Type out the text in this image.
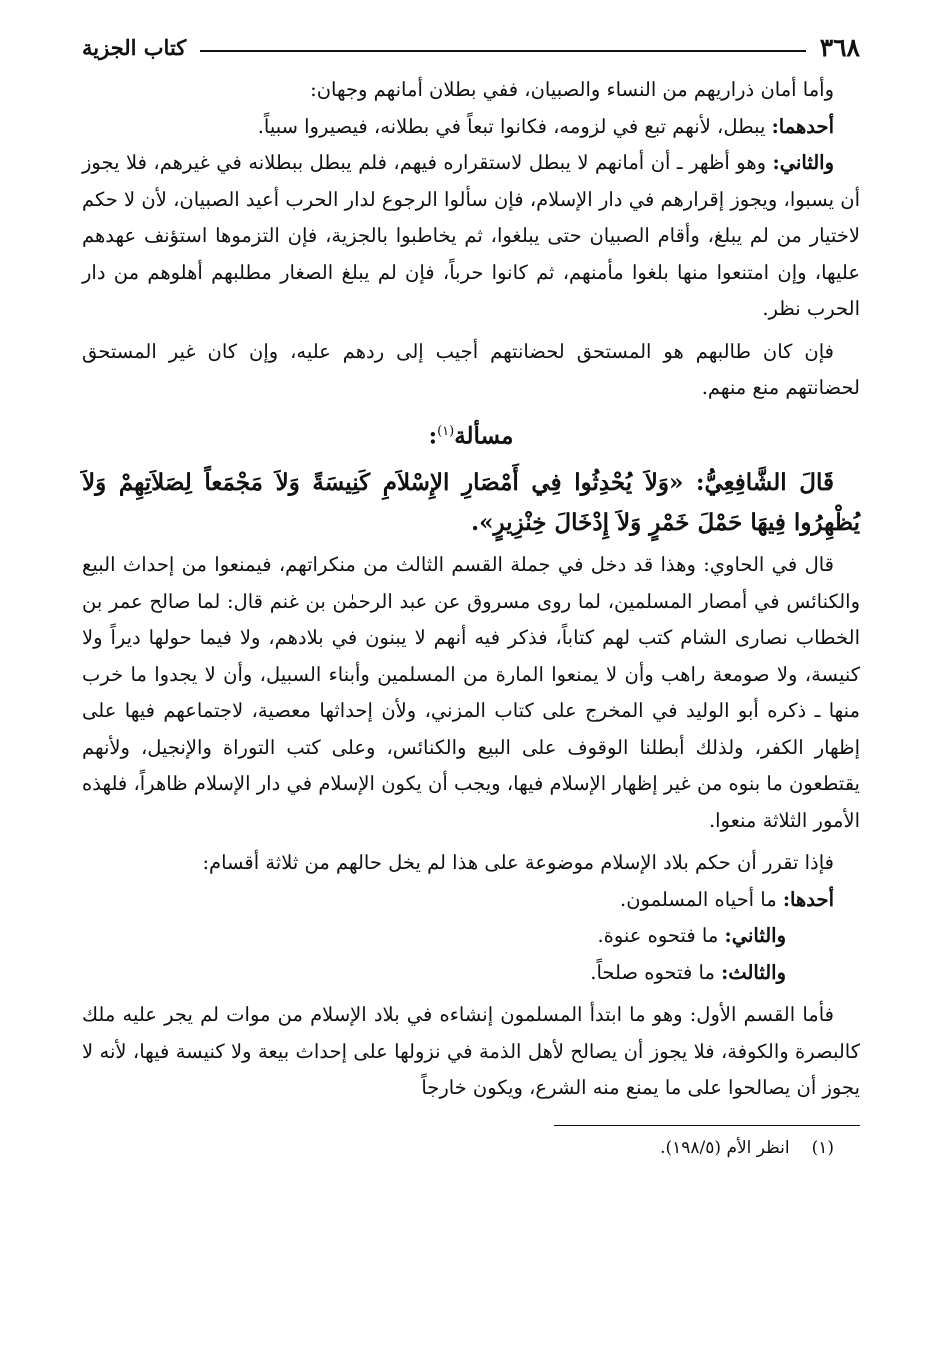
٣٦٨
كتاب الجزية

وأما أمان ذراريهم من النساء والصبيان، ففي بطلان أمانهم وجهان:

أحدهما: يبطل، لأنهم تبع في لزومه، فكانوا تبعاً في بطلانه، فيصيروا سبياً.

والثاني: وهو أظهر ـ أن أمانهم لا يبطل لاستقراره فيهم، فلم يبطل ببطلانه في غيرهم، فلا يجوز أن يسبوا، ويجوز إقرارهم في دار الإسلام، فإن سألوا الرجوع لدار الحرب أعيد الصبيان، لأن لا حكم لاختيار من لم يبلغ، وأقام الصبيان حتى يبلغوا، ثم يخاطبوا بالجزية، فإن التزموها استؤنف عهدهم عليها، وإن امتنعوا منها بلغوا مأمنهم، ثم كانوا حرباً، فإن لم يبلغ الصغار مطلبهم أهلوهم من دار الحرب نظر.

فإن كان طالبهم هو المستحق لحضانتهم أجيب إلى ردهم عليه، وإن كان غير المستحق لحضانتهم منع منهم.

مسألة$^{(١)}$:

قَالَ الشَّافِعِيُّ: «وَلاَ يُحْدِثُوا فِي أَمْصَارِ الإِسْلاَمِ كَنِيسَةً وَلاَ مَجْمَعاً لِصَلاَتِهِمْ وَلاَ يُظْهِرُوا فِيهَا حَمْلَ خَمْرٍ وَلاَ إِدْخَالَ خِنْزِيرٍ».

قال في الحاوي: وهذا قد دخل في جملة القسم الثالث من منكراتهم، فيمنعوا من إحداث البيع والكنائس في أمصار المسلمين، لما روى مسروق عن عبد الرحمٰن بن غنم قال: لما صالح عمر بن الخطاب نصارى الشام كتب لهم كتاباً، فذكر فيه أنهم لا يبنون في بلادهم، ولا فيما حولها ديراً ولا كنيسة، ولا صومعة راهب وأن لا يمنعوا المارة من المسلمين وأبناء السبيل، وأن لا يجدوا ما خرب منها ـ ذكره أبو الوليد في المخرج على كتاب المزني، ولأن إحداثها معصية، لاجتماعهم فيها على إظهار الكفر، ولذلك أبطلنا الوقوف على البيع والكنائس، وعلى كتب التوراة والإنجيل، ولأنهم يقتطعون ما بنوه من غير إظهار الإسلام فيها، ويجب أن يكون الإسلام في دار الإسلام ظاهراً، فلهذه الأمور الثلاثة منعوا.

فإذا تقرر أن حكم بلاد الإسلام موضوعة على هذا لم يخل حالهم من ثلاثة أقسام:

أحدها: ما أحياه المسلمون.
والثاني: ما فتحوه عنوة.
والثالث: ما فتحوه صلحاً.

فأما القسم الأول: وهو ما ابتدأ المسلمون إنشاءه في بلاد الإسلام من موات لم يجر عليه ملك كالبصرة والكوفة، فلا يجوز أن يصالح لأهل الذمة في نزولها على إحداث بيعة ولا كنيسة فيها، لأنه لا يجوز أن يصالحوا على ما يمنع منه الشرع، ويكون خارجاً

(١)انظر الأم (١٩٨/٥).
